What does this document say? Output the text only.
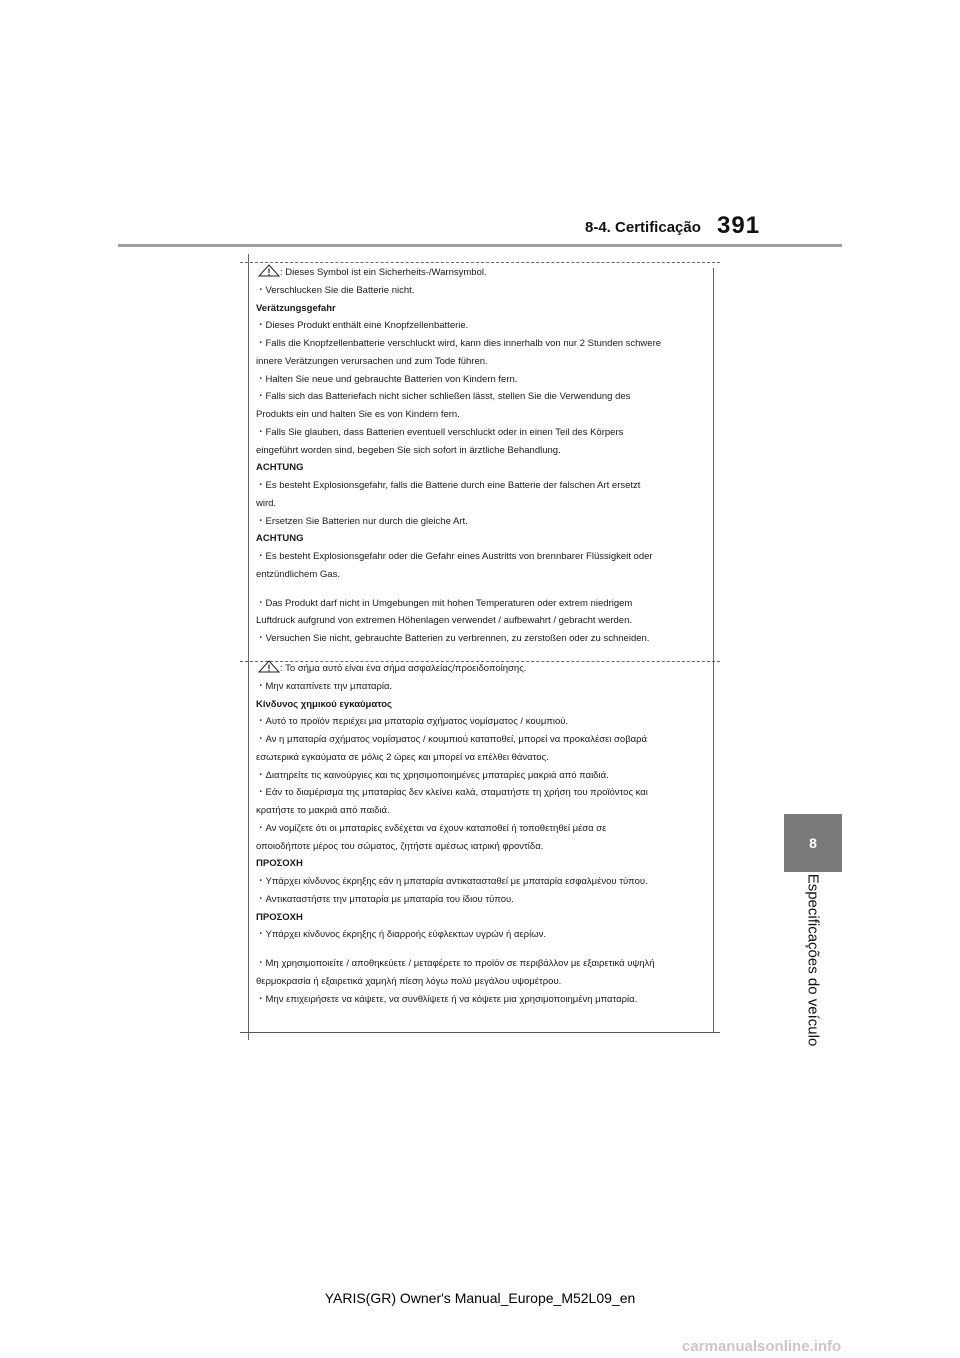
8-4. Certificação 391
8
Especificações do veículo
: Dieses Symbol ist ein Sicherheits-/Warnsymbol.
・Verschlucken Sie die Batterie nicht.
Verätzungsgefahr
・Dieses Produkt enthält eine Knopfzellenbatterie.
・Falls die Knopfzellenbatterie verschluckt wird, kann dies innerhalb von nur 2 Stunden schwere
innere Verätzungen verursachen und zum Tode führen.
・Halten Sie neue und gebrauchte Batterien von Kindern fern.
・Falls sich das Batteriefach nicht sicher schließen lässt, stellen Sie die Verwendung des
Produkts ein und halten Sie es von Kindern fern.
・Falls Sie glauben, dass Batterien eventuell verschluckt oder in einen Teil des Körpers
eingeführt worden sind, begeben Sie sich sofort in ärztliche Behandlung.
ACHTUNG
・Es besteht Explosionsgefahr, falls die Batterie durch eine Batterie der falschen Art ersetzt
wird.
・Ersetzen Sie Batterien nur durch die gleiche Art.
ACHTUNG
・Es besteht Explosionsgefahr oder die Gefahr eines Austritts von brennbarer Flüssigkeit oder
entzündlichem Gas.
・Das Produkt darf nicht in Umgebungen mit hohen Temperaturen oder extrem niedrigem
Luftdruck aufgrund von extremen Höhenlagen verwendet / aufbewahrt / gebracht werden.
・Versuchen Sie nicht, gebrauchte Batterien zu verbrennen, zu zerstoßen oder zu schneiden.
: Το σήμα αυτό είναι ένα σήμα ασφαλείας/προειδοποίησης.
・Μην καταπίνετε την μπαταρία.
Κίνδυνος χημικού εγκαύματος
・Αυτό το προϊόν περιέχει μια μπαταρία σχήματος νομίσματος / κουμπιού.
・Αν η μπαταρία σχήματος νομίσματος / κουμπιού καταποθεί, μπορεί να προκαλέσει σοβαρά
εσωτερικά εγκαύματα σε μόλις 2 ώρες και μπορεί να επέλθει θάνατος.
・Διατηρείτε τις καινούργιες και τις χρησιμοποιημένες μπαταρίες μακριά από παιδιά.
・Εάν το διαμέρισμα της μπαταρίας δεν κλείνει καλά, σταματήστε τη χρήση του προϊόντος και
κρατήστε το μακριά από παιδιά.
・Αν νομίζετε ότι οι μπαταρίες ενδέχεται να έχουν καταποθεί ή τοποθετηθεί μέσα σε
οποιοδήποτε μέρος του σώματος, ζητήστε αμέσως ιατρική φροντίδα.
ΠΡΟΣΟΧΗ
・Υπάρχει κίνδυνος έκρηξης εάν η μπαταρία αντικατασταθεί με μπαταρία εσφαλμένου τύπου.
・Αντικαταστήστε την μπαταρία με μπαταρία του ίδιου τύπου.
ΠΡΟΣΟΧΗ
・Υπάρχει κίνδυνος έκρηξης ή διαρροής εύφλεκτων υγρών ή αερίων.
・Μη χρησιμοποιείτε / αποθηκεύετε / μεταφέρετε το προϊόν σε περιβάλλον με εξαιρετικά υψηλή
θερμοκρασία ή εξαιρετικά χαμηλή πίεση λόγω πολύ μεγάλου υψομέτρου.
・Μην επιχειρήσετε να κάψετε, να συνθλίψετε ή να κόψετε μια χρησιμοποιημένη μπαταρία.
YARIS(GR) Owner's Manual_Europe_M52L09_en
carmanualsonline.info
